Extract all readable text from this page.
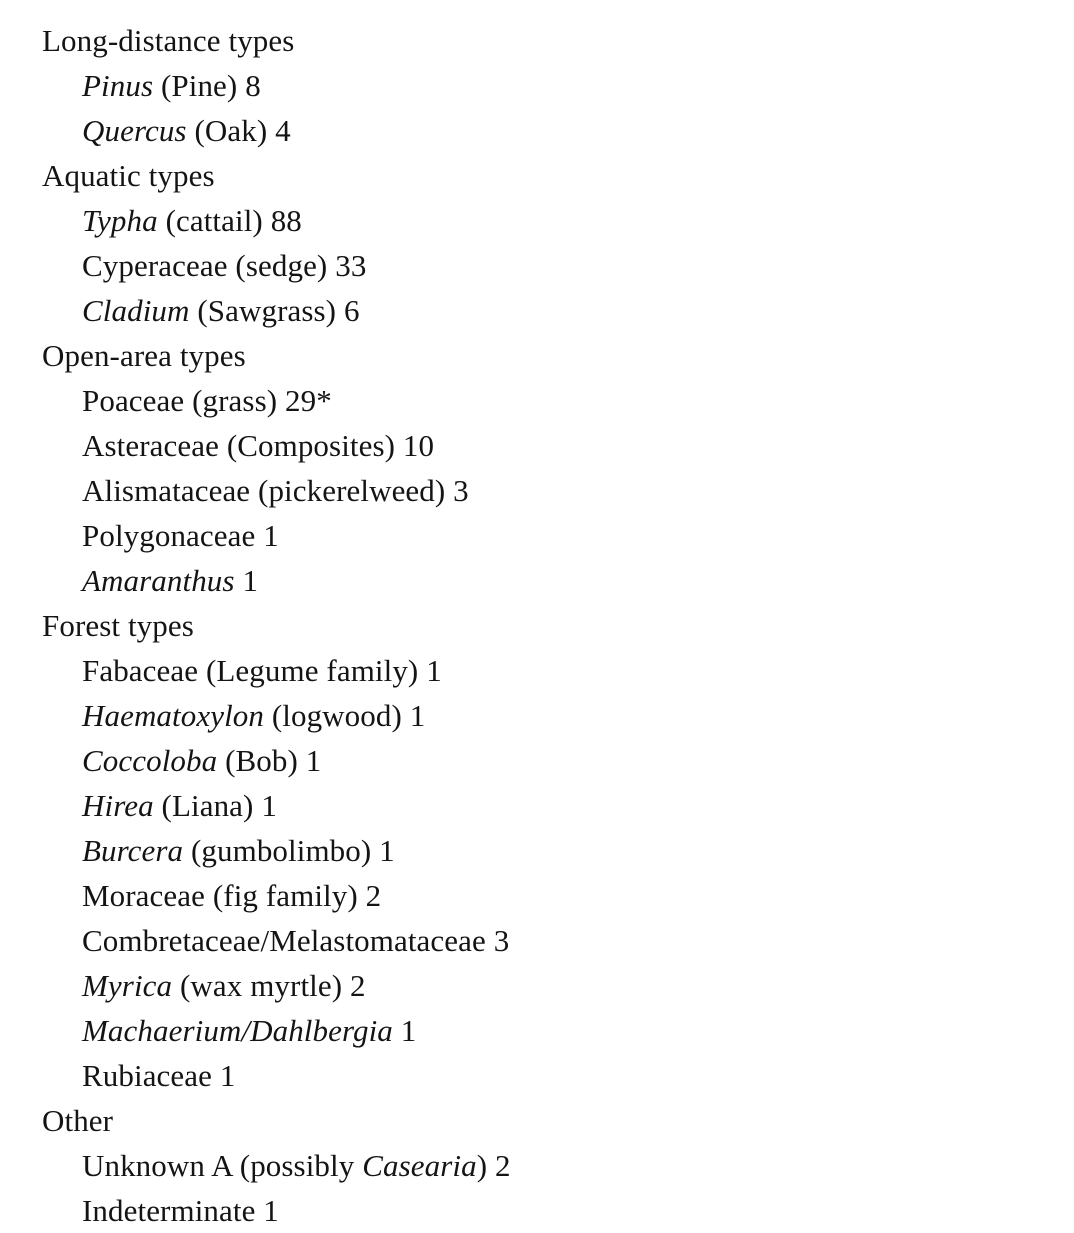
Long-distance types
Pinus (Pine) 8
Quercus (Oak) 4
Aquatic types
Typha (cattail) 88
Cyperaceae (sedge) 33
Cladium (Sawgrass) 6
Open-area types
Poaceae (grass) 29*
Asteraceae (Composites) 10
Alismataceae (pickerelweed) 3
Polygonaceae 1
Amaranthus 1
Forest types
Fabaceae (Legume family) 1
Haematoxylon (logwood) 1
Coccoloba (Bob) 1
Hirea (Liana) 1
Burcera (gumbolimbo) 1
Moraceae (fig family) 2
Combretaceae/Melastomataceae 3
Myrica (wax myrtle) 2
Machaerium/Dahlbergia 1
Rubiaceae 1
Other
Unknown A (possibly Casearia) 2
Indeterminate 1
